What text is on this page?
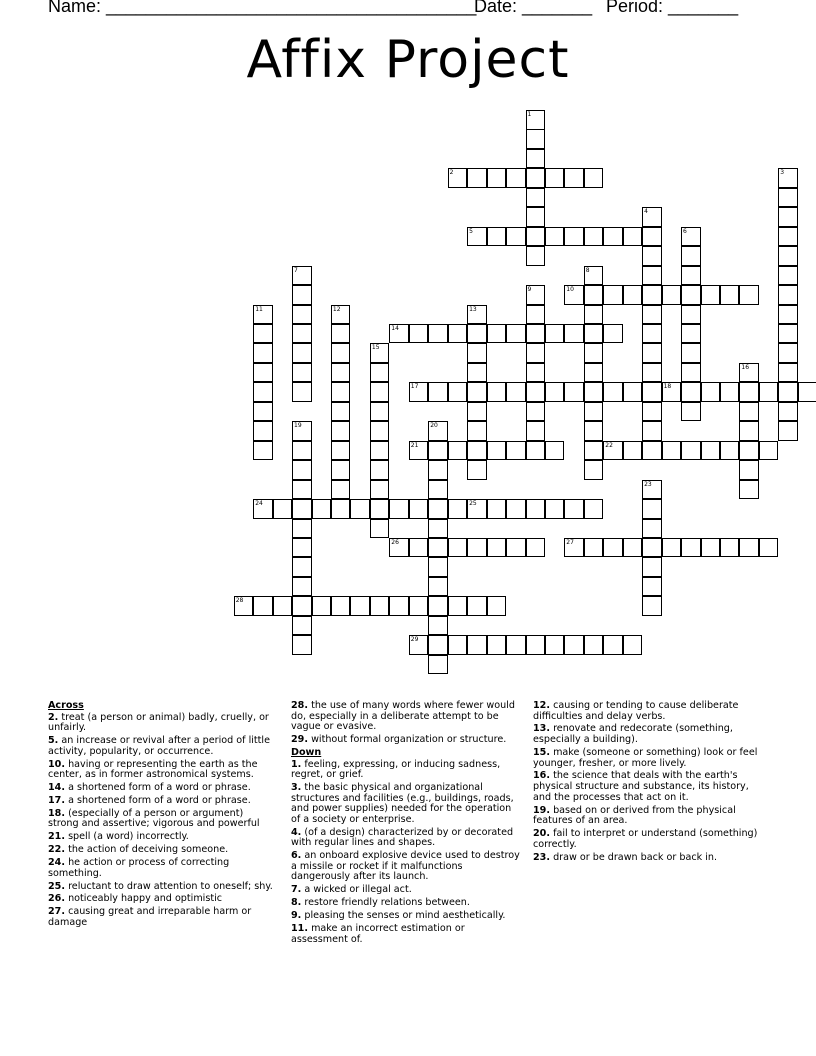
Name: _____________________________________
Date: _______ Period: _______
Affix Project
1
2	3
4
5	6
7	8
9	10
11	12	13
14
15
16
17	18
19	20
21	22
23
24	25
26	27
28
29
Across
2. treat (a person or animal) badly, cruelly, or unfairly.
5. an increase or revival after a period of little activity, popularity, or occurrence.
10. having or representing the earth as the center, as in former astronomical systems.
14. a shortened form of a word or phrase.
17. a shortened form of a word or phrase.
18. (especially of a person or argument) strong and assertive; vigorous and powerful
21. spell (a word) incorrectly.
22. the action of deceiving someone.
24. he action or process of correcting something.
25. reluctant to draw attention to oneself; shy.
26. noticeably happy and optimistic
27. causing great and irreparable harm or damage
28. the use of many words where fewer would do, especially in a deliberate attempt to be vague or evasive.
29. without formal organization or structure.
Down
1. feeling, expressing, or inducing sadness, regret, or grief.
3. the basic physical and organizational structures and facilities (e.g., buildings, roads, and power supplies) needed for the operation of a society or enterprise.
4. (of a design) characterized by or decorated with regular lines and shapes.
6. an onboard explosive device used to destroy a missile or rocket if it malfunctions dangerously after its launch.
7. a wicked or illegal act.
8. restore friendly relations between.
9. pleasing the senses or mind aesthetically.
11. make an incorrect estimation or assessment of.
12. causing or tending to cause deliberate difficulties and delay verbs.
13. renovate and redecorate (something, especially a building).
15. make (someone or something) look or feel younger, fresher, or more lively.
16. the science that deals with the earth's physical structure and substance, its history, and the processes that act on it.
19. based on or derived from the physical features of an area.
20. fail to interpret or understand (something) correctly.
23. draw or be drawn back or back in.
